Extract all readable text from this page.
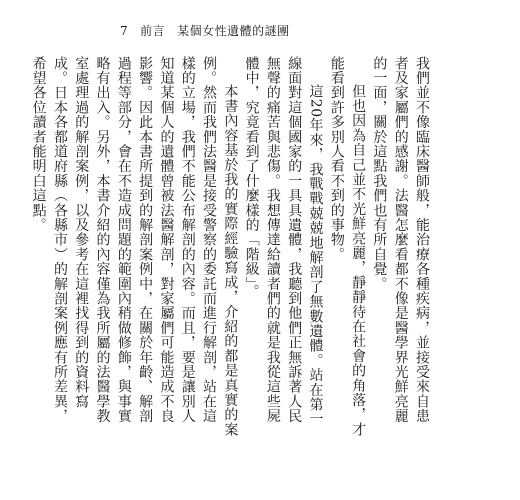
7 前言 某個女性遺體的謎團

我們並不像臨床醫師般，能治療各種疾病，並接受來自患者及家屬們的感謝。法醫怎麼看都不像是醫學界光鮮亮麗的一面，關於這點我們也有所自覺。

但也因為自己並不光鮮亮麗，靜靜待在社會的角落，才能看到許多別人看不到的事物。

這20年來，我戰戰兢兢地解剖了無數遺體。站在第一線面對這個國家的一具具遺體，我聽到他們正無訴著人民無聲的痛苦與悲傷。我想傳達給讀者們的就是我從這些屍體中，究竟看到了什麼樣的「階級」。

本書內容基於我的實際經驗寫成，介紹的都是真實的案例。然而我們法醫是接受警察的委託而進行解剖，站在這樣的立場，我們不能公布解剖的內容。而且，要是讓別人知道某個人的遺體曾被法醫解剖，對家屬們可能造成不良影響。因此本書所提到的解剖案例中，在關於年齡、解剖過程等部分，會在不造成問題的範圍內稍做修飾，與事實略有出入。另外，本書介紹的內容僅為我所屬的法醫學教室處理過的解剖案例，以及參考在這裡找得到的資料寫成。日本各都道府縣（各縣市）的解剖案例應有所差異，希望各位讀者能明白這點。
